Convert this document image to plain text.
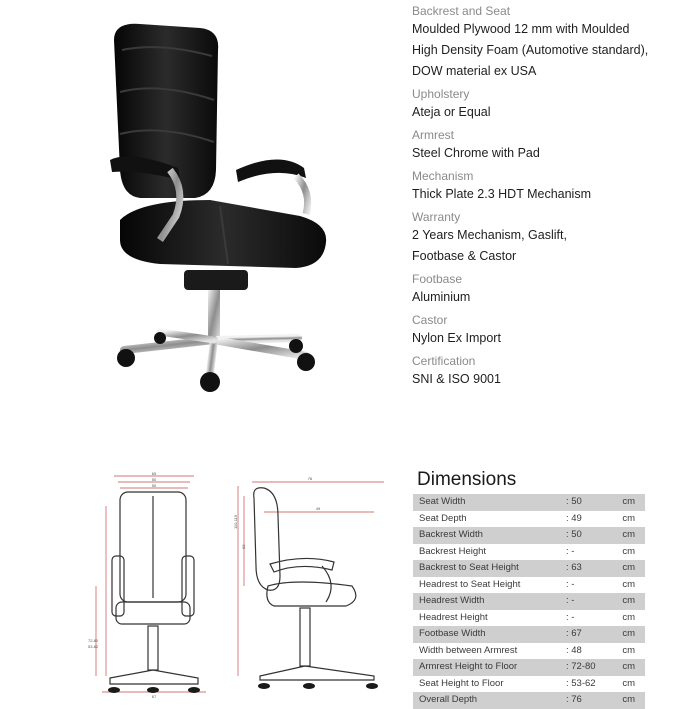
Backrest and Seat
Moulded Plywood 12 mm with Moulded
High Density Foam (Automotive standard),
DOW material ex USA
Upholstery
Ateja or Equal
Armrest
Steel Chrome with Pad
Mechanism
Thick Plate 2.3 HDT Mechanism
Warranty
2 Years Mechanism, Gaslift,
Footbase & Castor
Footbase
Aluminium
Castor
Nylon Ex Import
Certification
SNI & ISO 9001
65
50
50
67
72-80
53-62
76
49
110-119
63
Dimensions
Seat Width	: 50	cm
Seat Depth	: 49	cm
Backrest Width	: 50	cm
Backrest Height	: -	cm
Backrest to Seat Height	: 63	cm
Headrest to Seat Height	: -	cm
Headrest Width	: -	cm
Headrest Height	: -	cm
Footbase Width	: 67	cm
Width between Armrest	: 48	cm
Armrest Height to Floor	: 72-80	cm
Seat Height to Floor	: 53-62	cm
Overall Depth	: 76	cm
